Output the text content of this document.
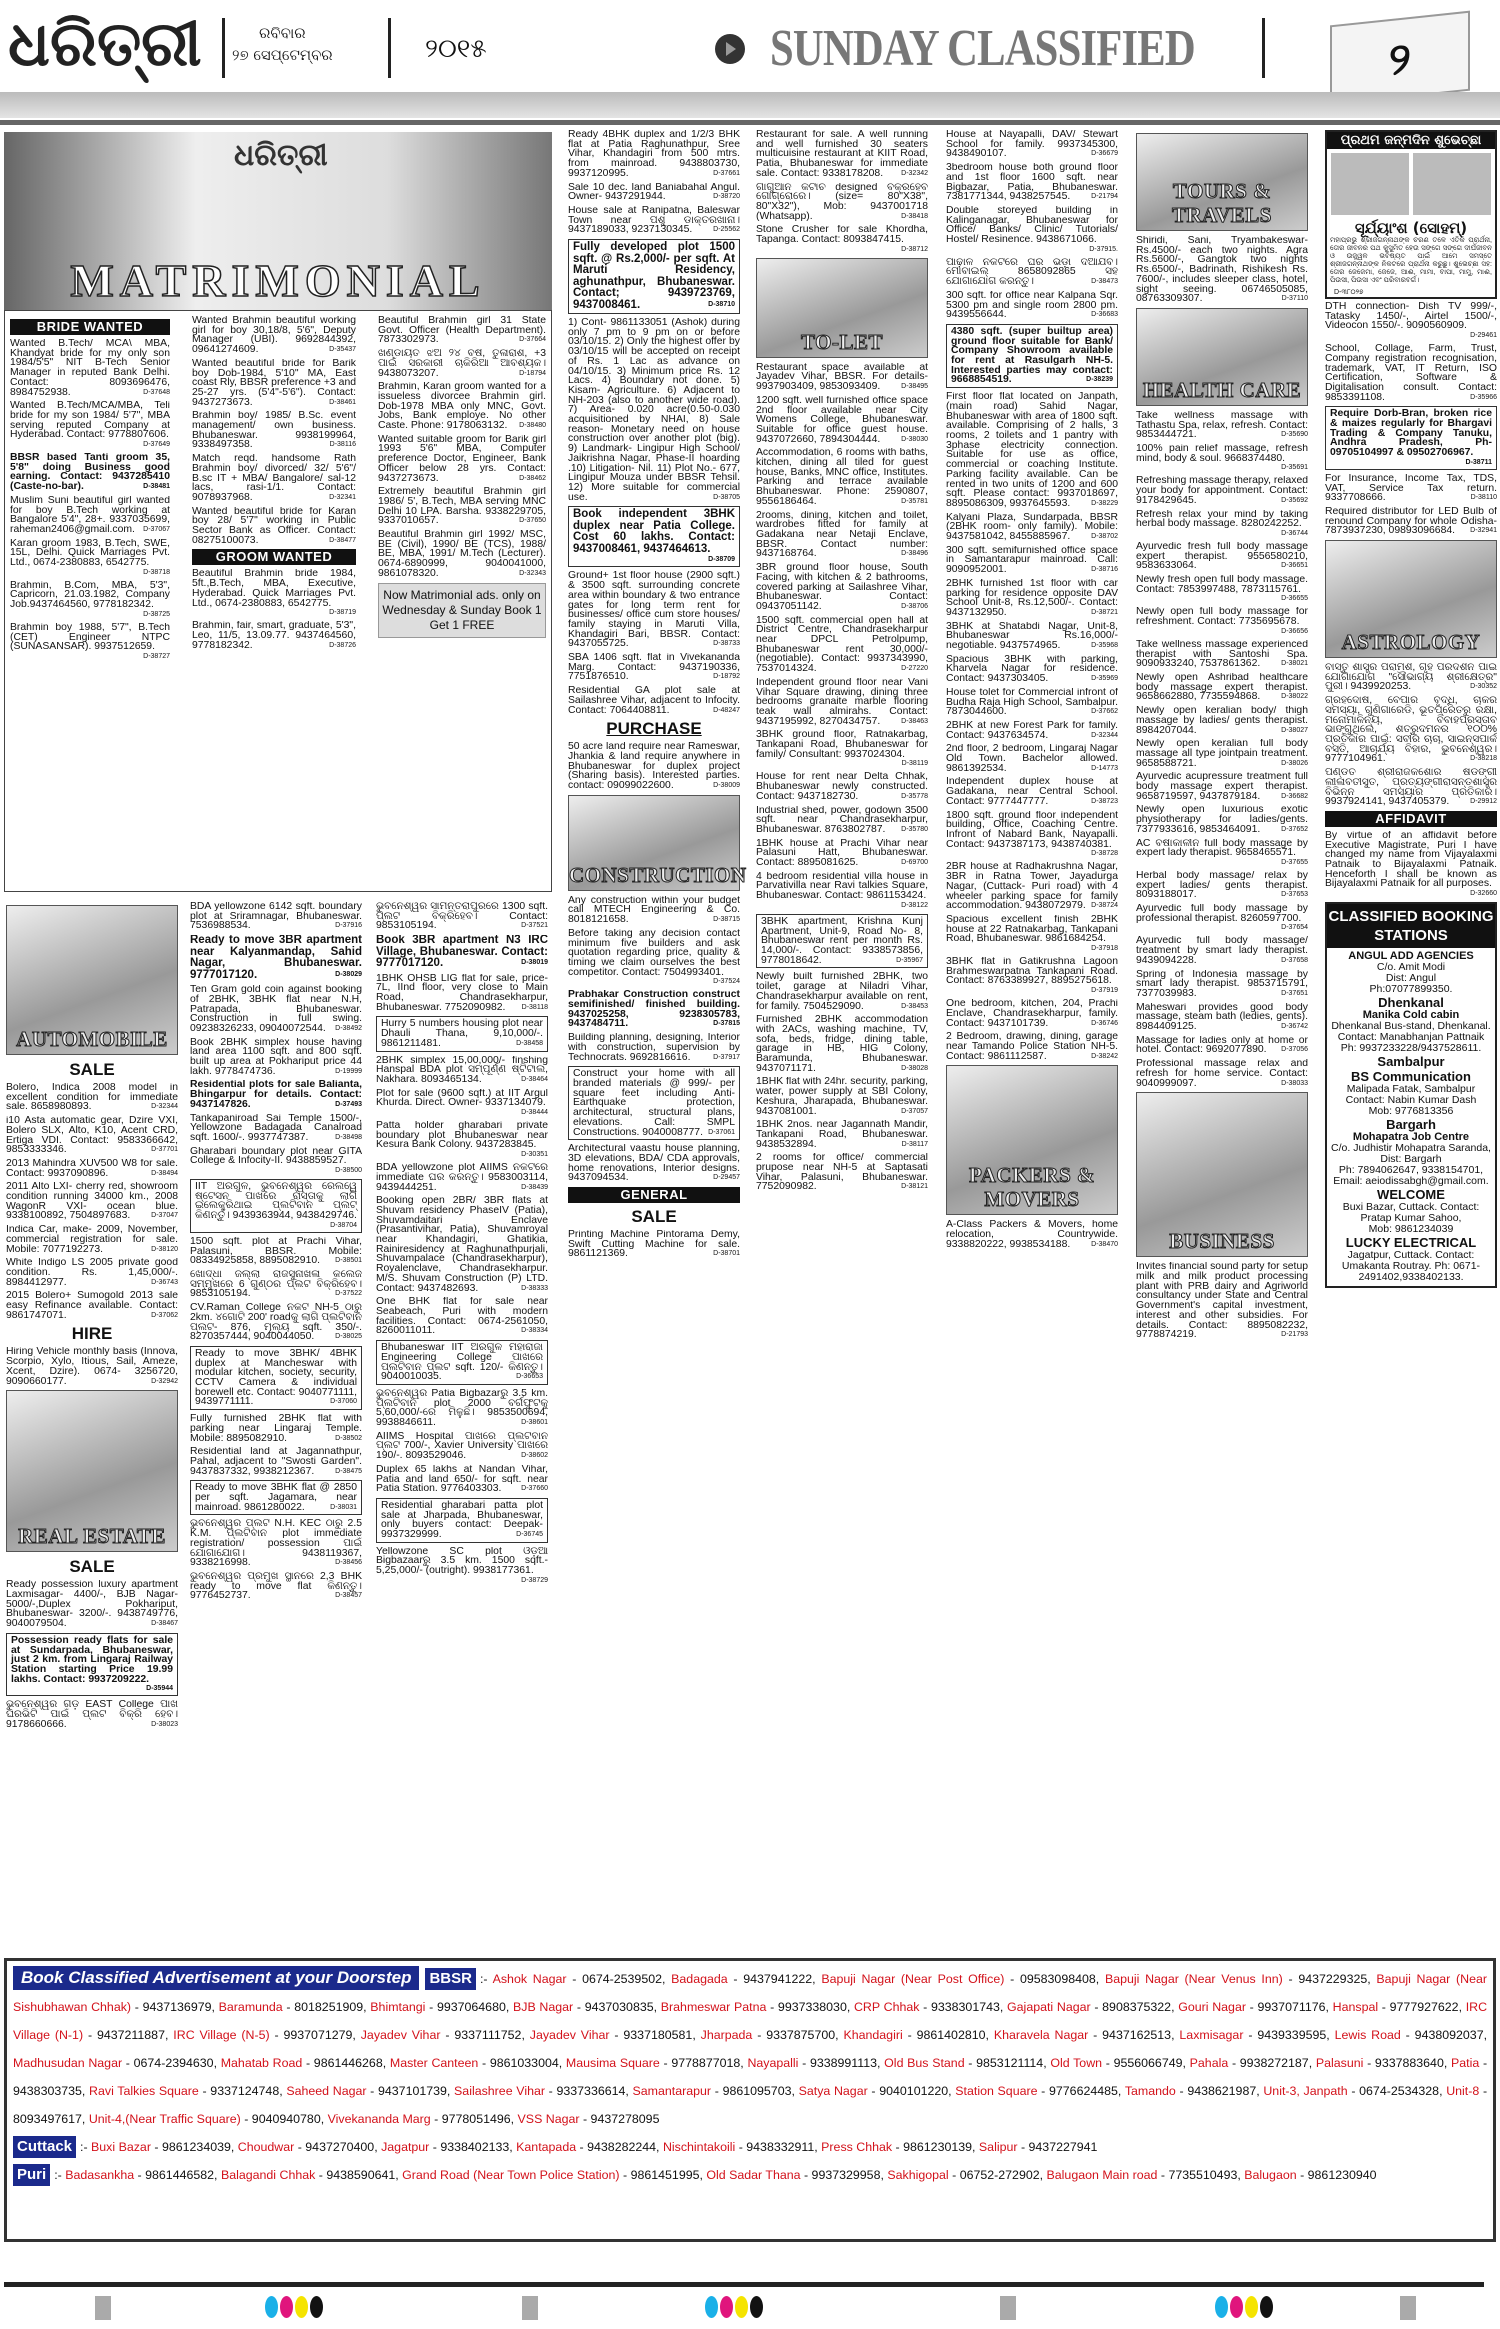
ଧରିତ୍ରୀ	ରବିବାର
୨୭ ସେପ୍ଟେମ୍ବର	୨୦୧୫	SUNDAY CLASSIFIED	୨
ଧରିତ୍ରୀ
MATRIMONIAL
BRIDE WANTED
Wanted B.Tech/ MCA\ MBA, Khandyat bride for my only son 1984/5'5" NIT B-Tech Senior Manager in reputed Bank Delhi. Contact: 8093696476, 8984752938.	D-37648
Wanted B.Tech/MCA/MBA, Teli bride for my son 1984/ 5'7", MBA serving reputed Company at Hyderabad. Contact: 9778807606.
D-37649
BBSR based Tanti groom 35, 5'8" doing Business good earning. Contact: 9437285410 (Caste-no-bar).	D-38481
Muslim Suni beautiful girl wanted for boy B.Tech working at Bangalore 5'4", 28+. 9337035699, raheman2406@gmail.com. D-37067
Karan groom 1983, B.Tech, SWE, 15L, Delhi. Quick Marriages Pvt. Ltd., 0674-2380883, 6542775.
D-38718
Brahmin, B.Com, MBA, 5'3", Capricorn, 21.03.1982, Company Job.9437464560, 9778182342.
D-38725
Brahmin boy 1988, 5'7", B.Tech (CET) Engineer NTPC (SUNASANSAR). 9937512659.
D-38727
Wanted Brahmin beautiful working girl for boy 30,18/8, 5'6", Deputy Manager (UBI). 9692844392, 09641274609.	D-35437
Wanted beautiful bride for Barik boy Dob-1984, 5'10" MA, East coast Rly, BBSR preference +3 and 25-27 yrs. (5'4"-5'6"). Contact: 9437273673.	D-38461
Brahmin boy/ 1985/ B.Sc. event management/ own business. Bhubaneswar. 9938199964, 9338497358.	D-38116
Match reqd. handsome Rath Brahmin boy/ divorced/ 32/ 5'6"/ B.sc IT + MBA/ Bangalore/ sal-12 lacs, rasi-1/1. Contact: 9078937968.	D-32341
Wanted beautiful bride for Karan boy 28/ 5'7" working in Public Sector Bank as Officer. Contact: 08275100073.	D-38477
GROOM WANTED
Beautiful Brahmin bride 1984, 5ft.,B.Tech, MBA, Executive, Hyderabad. Quick Marriages Pvt. Ltd., 0674-2380883, 6542775.
D-38719
Brahmin, fair, smart, graduate, 5'3", Leo, 11/5, 13.09.77. 9437464560, 9778182342.	D-38726
Beautiful Brahmin girl 31 State Govt. Officer (Health Department). 7873302973.	D-37664
ଖଣ୍ଡାୟତ ଝିଅ ୨୪ ବର୍ଷ, ତୁଳାରାଶି, +3 ପାଇଁ ସରକାରୀ ଚାକିରିଆ ଆବଶ୍ୟକ। 9438073207.	D-18794
Brahmin, Karan groom wanted for a issueless divorcee Brahmin girl. Dob-1978 MBA only MNC, Govt. Jobs, Bank employe. No other Caste. Phone: 9178063132. D-38480
Wanted suitable groom for Barik girl 1993 5'6" MBA, Computer preference Doctor, Engineer, Bank Officer below 28 yrs. Contact: 9437273673.	D-38462
Extremely beautiful Brahmin girl 1986/ 5', B.Tech, MBA serving MNC Delhi 10 LPA. Barsha. 9338229705, 9337010657.	D-37650
Beautiful Brahmin girl 1992/ MSC, BE (Civil), 1990/ BE (TCS), 1988/ BE, MBA, 1991/ M.Tech (Lecturer). 0674-6890999, 9040041000, 9861078320.	D-32343
Now Matrimonial ads. only on Wednesday & Sunday Book 1 Get 1 FREE
AUTOMOBILE
SALE
Bolero, Indica 2008 model in excellent condition for immediate sale. 8658980893.	D-32344
i10 Asta automatic gear, Dzire VXI, Bolero SLX, Alto, K10, Acent CRD, Ertiga VDI. Contact: 9583366642, 9853333346.	D-37701
2013 Mahindra XUV500 W8 for sale. Contact: 9937090896.	D-38494
2011 Alto LXI- cherry red, showroom condition running 34000 km., 2008 WagonR VXI- ocean blue. 9338100892, 7504897683.	D-37047
Indica Car, make- 2009, November, commercial registration for sale. Mobile: 7077192273.	D-38120
White Indigo LS 2005 private good condition. Rs. 1,45,000/-. 8984412977.	D-36743
2015 Bolero+ Sumogold 2013 sale easy Refinance available. Contact: 9861747071.	D-37062
HIRE
Hiring Vehicle monthly basis (Innova, Scorpio, Xylo, Itious, Sail, Ameze, Xcent, Dzire). 0674- 3256720, 9090660177.	D-32942
REAL ESTATE
SALE
Ready possession luxury apartment Laxmisagar- 4400/-, BJB Nagar- 5000/-,Duplex Pokhariput, Bhubaneswar- 3200/-. 9438749776, 9040079504.	D-38467
Possession ready flats for sale at Sundarpada, Bhubaneswar, just 2 km. from Lingaraj Railway Station starting Price 19.99 lakhs. Contact: 9937209222.
D-35944
ଭୁବନେଶ୍ୱର ଗଡ଼ EAST College ପାଖ ଘରଭିଟି ପାଇଁ ପ୍ଲଟ ବିକ୍ରି ହେବ। 9178660666.	D-38023
BDA yellowzone 6142 sqft. boundary plot at Sriramnagar, Bhubaneswar. 7536988534.	D-37916
Ready to move 3BR apartment near Kalyanmandap, Sahid Nagar, Bhubaneswar. 9777017120.	D-38029
Ten Gram gold coin against booking of 2BHK, 3BHK flat near N.H, Patrapada, Bhubaneswar. Construction in full swing. 09238326233, 09040072544. D-38492
Book 2BHK simplex house having land area 1100 sqft. and 800 sqft. built up area at Pokhariput price 44 lakh. 9778474736.	D-19999
Residential plots for sale Balianta, Bhingarpur for details. Contact: 9437147826.	D-37493
Tankapaniroad Sai Temple 1500/-, Yellowzone Badagada Canalroad sqft. 1600/-. 9937747387.	D-38498
Gharabari boundary plot near GITA College & Infocity-II. 9438859527.
D-38500
IIT ଅରଗୁଳ, ଭୁବନେଶ୍ୱର ରେଲୱେ ଷ୍ଟେସନ ପାଖରେ ରାସ୍ତାକୁ ଲାଗି ଇଲେକ୍ଟ୍ରିଥାଇ ପ୍ଲଟିବାନ ପ୍ଲଟ୍ କିଣନ୍ତୁ। 9439363944, 9438429746.
D-38704
1500 sqft. plot at Prachi Vihar, Palasuni, BBSR. Mobile: 08334925858, 8895082910. D-38501
ଖୋର୍ଦ୍ଧା ଜିଲ୍ଲା ରାଜସୁନାଖଳା କଲେଜ ସମ୍ମୁଖରେ 6 ଗୁଣ୍ଠର ପ୍ଲଟ ବିକ୍ରିହେବ। 9853105194.	D-37522
CV.Raman College ନିକଟ NH-5 ଠାରୁ 2km. ୪ଗୋଟି 200' roadକୁ ଲାଗି ପ୍ଲଟିବାନ ପ୍ଲଟ- 876, ମୂଲ୍ୟ sqft. 350/-. 8270357444, 9040044050.	D-38025
Ready to move 3BHK/ 4BHK duplex at Mancheswar with modular kitchen, society, security, CCTV Camera & individual borewell etc. Contact: 9040771111, 9439771111.	D-37060
Fully furnished 2BHK flat with parking near Lingaraj Temple. Mobile: 8895082910.	D-38502
Residential land at Jagannathpur, Pahal, adjacent to "Swosti Garden". 9437837332, 9938212367.	D-38475
Ready to move 3BHK flat @ 2850 per sqft. Jagamara, near mainroad. 9861280022.	D-38031
ଭୁବନେଶ୍ୱର ପ୍ଲଟ N.H. KEC ଠାରୁ 2.5 K.M. ପ୍ଲଟିବାନ plot immediate registration/ possession ପାଇଁ ଯୋଗାଯୋଗ। 9438119367, 9338216998.	D-38456
ଭୁବନେଶ୍ୱର ପ୍ରମୁଖ ସ୍ଥାନରେ 2,3 BHK ready to move flat କିଣନ୍ତୁ। 9776452737.	D-38457
ଭୁବନେଶ୍ୱର ସାମନ୍ତରାପୁରରେ 1300 sqft. ପ୍ଲଟ ବିକ୍ରିହେବ। Contact: 9853105194.	D-37521
Book 3BR apartment N3 IRC Village, Bhubaneswar. Contact: 9777017120.	D-38019
1BHK OHSB LIG flat for sale, price-7L, IInd floor, very close to Main Road, Chandrasekharpur, Bhubaneswar. 7752090982. D-38118
Hurry 5 numbers housing plot near Dhauli Thana, 9,10,000/-. 9861211481.	D-38458
2BHK simplex 15,00,000/- finshing Hanspal BDA plot ସମ୍ପୂର୍ଣ୍ଣ ଷ୍ଟିଟାଲ, Nakhara. 8093465134.	D-38464
Plot for sale (9600 sqft.) at IIT Argul Khurda. Direct. Owner- 9337134079.
D-38444
Patta holder gharabari private boundary plot Bhubaneswar near Kesura Bank Colony. 9437283845.
D-30351
BDA yellowzone plot AIIMS ନିକଟରେ immediate ଘର କରନ୍ତୁ। 9583003114, 9439444251.	D-38439
Booking open 2BR/ 3BR flats at Shuvam residency PhaseIV (Patia), Shuvamdaitari Enclave (Prasantivihar, Patia), Shuvamroyal near Khandagiri, Ghatikia, Rainiresidency at Raghunathpurjali, Shuvampalace (Chandrasekharpur), Royalenclave, Chandrasekharpur. M/S. Shuvam Construction (P) LTD. Contact: 9437482693.	D-38333
One BHK flat for sale near Seabeach, Puri with modern facilities. Contact: 0674-2561050, 8260011011.	D-38334
Bhubaneswar IIT ଅରଗୁଳ ମହାରାଜା Engineering College ପାଖରେ ପ୍ଲଟିବାନ ପ୍ଲଟ sqft. 120/- କିଣନ୍ତୁ। 9040010035.	D-36653
ଭୁବନେଶ୍ୱର Patia Bigbazarରୁ 3.5 km. ପ୍ଲଟିବାନ plot 2000 ବର୍ଗଫୁଟକୁ 5,60,000/-ରେ ମିଳୁଛି। 9853500694, 9938846611.	D-38601
AIIMS Hospital ପାଖରେ ପ୍ଲଟିବାନ ପ୍ଲଟ 700/-, Xavier University ପାଖରେ 190/-. 8093529046.	D-38602
Duplex 65 lakhs at Nandan Vihar, Patia and land 650/- for sqft. near Patia Station. 9776403303.	D-37660
Residential gharabari patta plot sale at Jharpada, Bhubaneswar, only buyers contact: Deepak- 9937329999.	D-36745
Yellowzone SC plot ଓଡ଼ିଆ Bigbazaarରୁ 3.5 km. 1500 sqft.- 5,25,000/- (outright). 9938177361.
D-38729
Ready 4BHK duplex and 1/2/3 BHK flat at Patia Raghunathpur, Sree Vihar, Khandagiri from 500 mtrs. from mainroad. 9438803730, 9937120995.	D-37661
Sale 10 dec. land Baniabahal Angul. Owner- 9437291944.	D-38720
House sale at Ranipatna, Baleswar Town near ପଶୁ ଡାକ୍ତରଖାନା। 9437189033, 9237130345.	D-25562
Fully developed plot 1500 sqft. @ Rs.2,000/- per sqft. At Maruti Residency, aghunathpur, Bhubaneswar. Contact; 9439723769, 9437008461.	D-38710
1) Cont- 9861133051 (Ashok) during only 7 pm to 9 pm on or before 03/10/15. 2) Only the highest offer by 03/10/15 will be accepted on receipt of Rs. 1 Lac as advance on 04/10/15. 3) Minimum price Rs. 12 Lacs. 4) Boundary not done. 5) Kisam- Agriculture. 6) Adjacent to NH-203 (also to another wide road). 7) Area- 0.020 acre(0.50-0.030 acquisitioned by NHAI, 8) Sale reason- Monetary need on house construction over another plot (big). 9) Landmark- Lingipur High School/ Jaikrishna Nagar, Phase-II hoarding .10) Litigation- Nil. 11) Plot No.- 677, Lingipur Mouza under BBSR Tehsil. 12) More suitable for commercial use.	D-38705
Book independent 3BHK duplex near Patia College. Cost 60 lakhs. Contact: 9437008461, 9437464613.
D-38709
Ground+ 1st floor house (2900 sqft.) & 3500 sqft. surrounding concrete area within boundary & two entrance gates for long term rent for businesses/ office cum store houses/ family staying in Maruti Villa, Khandagiri Bari, BBSR. Contact: 9437055725.	D-38733
SBA 1406 sqft. flat in Vivekananda Marg. Contact: 9437190336, 7751876510.	D-18792
Residential GA plot sale at Sailashree Vihar, adjacent to Infocity. Contact: 7064408811.	D-48247
PURCHASE
50 acre land require near Rameswar, Jhankia & land require anywhere in Bhubaneswar for duplex project (Sharing basis). Interested parties. contact: 09099022600.	D-38009
CONSTRUCTION
Any construction within your budget call MTECH Engineering & Co. 8018121658.	D-38715
Before taking any decision contact minimum five builders and ask quotation regarding price, quality & timing we claim ourselves the best competitor. Contact: 7504993401.
D-37524
Prabhakar Construction construct semifinished/ finished building. 9437025258, 9238305783, 9437484711.	D-37815
Building planning, designing, Interior with construction, supervision by Technocrats. 9692816616.	D-37917
Construct your home with all branded materials @ 999/- per square feet including Anti-Earthquake protection, architectural, structural plans, elevations. Call: SMPL Constructions. 9040008777. D-37061
Architectural vaastu house planning, 3D elevations, BDA/ CDA approvals, home renovations, Interior designs. 9437094534.	D-29457
GENERAL
SALE
Printing Machine Pintorama Demy, Swift Cutting Machine for sale. 9861121369.	D-38701
Restaurant for sale. A well running and well furnished 30 seaters multicuisine restaurant at KIIT Road, Patia, Bhubaneswar for immediate sale. Contact: 9338178208.	D-32342
ଗାଗୁଆନ କଟାଚ designed ବିକ୍ରିହେବ ଗୋଗ୍ରୋରେ। (size= 80"X38", 80"X32"), Mob: 9437001718 (Whatsapp).	D-38418
Stone Crusher for sale Khordha, Tapanga. Contact: 8093847415.
D-38712
TO-LET
Restaurant space available at Jayadev Vihar, BBSR. For details- 9937903409, 9853093409.	D-38495
1200 sqft. well furnished office space 2nd floor available near City Womens College, Bhubaneswar. Suitable for office guest house. 9437072660, 7894304444.	D-38030
Accommodation, 6 rooms with baths, kitchen, dining all tiled for guest house, Banks, MNC office, Institutes. Parking and terrace available Bhubaneswar. Phone: 2590807, 9556186464.	D-35781
2rooms, dining, kitchen and toilet, wardrobes fitted for family at Gadakana near Netaji Enclave, BBSR. Contact number: 9437168764.	D-38496
3BR ground floor house, South Facing, with kitchen & 2 bathrooms, covered parking at Sailashree Vihar, Bhubaneswar. Contact: 09437051142.	D-38706
1500 sqft. commercial open hall at District Centre, Chandrasekharpur near DPCL Petrolpump, Bhubaneswar rent 30,000/- (negotiable). Contact: 9937343990, 7537014324.	D-27220
Independent ground floor near Vani Vihar Square drawing, dining three bedrooms granaite marble flooring teak wall almirahs. Contact: 9437195992, 8270434757.	D-38463
3BHK ground floor, Ratnakarbag, Tankapani Road, Bhubaneswar for family/ Consultant: 9937024304.
D-38119
House for rent near Delta Chhak, Bhubaneswar newly constructed. Contact: 9437182730.	D-35778
Industrial shed, power, godown 3500 sqft. near Chandrasekharpur, Bhubaneswar. 8763802787. D-35780
1BHK house at Prachi Vihar near Palasuni Hatt, Bhubaneswar. Contact: 8895081625.	D-69700
4 bedroom residential villa house in Parvativilla near Ravi talkies Square, Bhubaneswar. Contact: 9861153424.
D-38122
3BHK apartment, Krishna Kunj Apartment, Unit-9, Road No- 8, Bhubaneswar rent per month Rs. 14,000/-. Contact: 9338573856, 9778018642.	D-35967
Newly built furnished 2BHK, two toilet, garage at Niladri Vihar, Chandrasekharpur available on rent, for family. 7504529090.	D-38453
Furnished 2BHK accommodation with 2ACs, washing machine, TV, sofa, beds, fridge, dining table, garage in HB, HIG Colony, Baramunda, Bhubaneswar. 9437071171.	D-38028
1BHK flat with 24hr. security, parking, water, power supply at SBI Colony, Keshura, Jharapada, Bhubaneswar. 9437081001.	D-37057
1BHK 2nos. near Jagannath Mandir, Tankapani Road, Bhubaneswar. 9438532894.	D-38117
2 rooms for office/ commercial prupose near NH-5 at Saptasati Vihar, Palasuni, Bhubaneswar. 7752090982.	D-38121
House at Nayapalli, DAV/ Stewart School for family. 9937345300, 9438490107.	D-36679
3bedroom house both ground floor and 1st floor 1600 sqft. near Bigbazar, Patia, Bhubaneswar. 7381771344, 9438257545.	D-21794
Double storeyed building in Kalinganagar, Bhubaneswar for Office/ Banks/ Clinic/ Tutorials/ Hostel/ Resinence. 9438671066.
D-37915.
ପାଢ଼ାଳ ନିକଟରେ ଘର ଭଡ଼ା ଦିଆଯିବ। ମୋବାଇଲ୍ 8658092865 ସହ ଯୋଗାଯୋଗ କରନ୍ତୁ।	D-38473
300 sqft. for office near Kalpana Sqr. 5300 pm and single room 2800 pm. 9439556644.	D-36683
4380 sqft. (super builtup area) ground floor suitable for Bank/ Company Showroom available for rent at Rasulgarh NH-5. Interested parties may contact: 9668854519.	D-38239
First floor flat located on Janpath, (main road) Sahid Nagar, Bhubaneswar with area of 1800 sqft. available. Comprising of 2 halls, 3 rooms, 2 toilets and 1 pantry with 3phase electricity connection. Suitable for use as office, commercial or coaching Institute. Parking facility available. Can be rented in two units of 1200 and 600 sqft. Please contact: 9937018697, 8895086309, 9937645593.	D-38229
Kalyani Plaza, Sundarpada, BBSR (2BHK room- only family). Mobile: 9437581042, 8455885967.	D-38702
300 sqft. semifurnished office space in Samantarapur mainroad. Call: 9090952001.	D-38716
2BHK furnished 1st floor with car parking for residence opposite DAV School Unit-8, Rs.12,500/-. Contact: 9437132950.	D-38721
3BHK at Shatabdi Nagar, Unit-8, Bhubaneswar Rs.16,000/- negotiable. 9437574965.	D-35968
Spacious 3BHK with parking, Kharvela Nagar for residence. Contact: 9437303405.	D-35969
House tolet for Commercial infront of Budha Raja High School, Sambalpur. 7873044600.	D-37662
2BHK at new Forest Park for family. Contact: 9437634574.	D-32344
2nd floor, 2 bedroom, Lingaraj Nagar Old Town. Bachelor allowed. 9861392534.	D-14773
Independent duplex house at Gadakana, near Central School. Contact: 9777447777.	D-38723
1800 sqft. ground floor independent building, Office, Coaching Centre. Infront of Nabard Bank, Nayapalli. Contact: 9437387173, 9438740381.
D-38728
2BR house at Radhakrushna Nagar, 3BR in Ratna Tower, Jayadurga Nagar, (Cuttack- Puri road) with 4 wheeler parking space for family accommodation. 9438072979. D-38724
Spacious excellent finish 2BHK house at 22 Ratnakarbag, Tankapani Road, Bhubaneswar. 9861684254.
D-37918
3BHK flat in Gatikrushna Lagoon Brahmeswarpatna Tankapani Road. Contact: 8763389927, 8895275618.
D-37919
One bedroom, kitchen, 204, Prachi Enclave, Chandrasekharpur, family. Contact: 9437101739.	D-36746
2 Bedroom, drawing, dining, garage near Tamando Police Station NH-5. Contact: 9861112587.	D-38242
PACKERS & MOVERS
A-Class Packers & Movers, home relocation, Countrywide. 9338820222, 9938534188.	D-38470
TOURS & TRAVELS
Shiridi, Sani, Tryambakeswar- Rs.4500/- each two nights. Agra Rs.5600/-, Gangtok two nights Rs.6500/-, Badrinath, Rishikesh Rs. 7600/-, includes sleeper class, hotel, sight seeing. 06746505085, 08763309307.	D-37110
HEALTH CARE
Take wellness massage with Tathastu Spa, relax, refresh. Contact: 9853444721.	D-35690
100% pain relief massage, refresh mind, body & soul. 9668374480.
D-35691
Refreshing massage therapy, relaxed your body for appointment. Contact: 9178429645.	D-35692
Refresh relax your mind by taking herbal body massage. 8280242252.
D-36744
Ayurvedic fresh full body massage expert therapist. 9556580210, 9583633064.	D-36651
Newly fresh open full body massage. Contact: 7853997488, 7873115761.
D-36655
Newly open full body massage for refreshment. Contact: 7735695678.
D-36656
Take wellness massage experienced therapist with Santoshi Spa. 9090933240, 7537861362.	D-38021
Newly open Ashribad healthcare body massage expert therapist. 9658662880, 7735594868.	D-38022
Newly open keralian body/ thigh massage by ladies/ gents therapist. 8984207044.	D-38027
Newly open keralian full body massage all type jointpain treatment. 9658588721.	D-38026
Ayurvedic acupressure treatment full body massage expert therapist. 9658719597, 9437879184.	D-36682
Newly open luxurious exotic physiotherapy for ladies/gents. 7377933616, 9853464091.	D-37652
AC ବର୍ଷାକାଳୀନ full body massage by expert lady therapist. 9658465571.
D-37655
Herbal body massage/ relax by expert ladies/ gents therapist. 8093188017.	D-37653
Ayurvedic full body massage by professional therapist. 8260597700.
D-37654
Ayurvedic full body massage/ treatment by smart lady therapist. 9439094228.	D-37658
Spring of Indonesia massage by smart lady therapist. 9853715791, 7377039983.	D-37651
Maheswari provides good body massage, steam bath (ledies, gents). 8984409125.	D-36742
Massage for ladies only at home or hotel. Contact: 9692077890. D-37056
Professional massage relax and refresh for home service. Contact: 9040999097.	D-38033
BUSINESS
Invites financial sound party for setup milk and milk product processing plant with PRB dairy and Agriworld consultancy under State and Central Government's capital investment, interest and other subsidies. For details. Contact: 8895082232, 9778874219.	D-21793
ପ୍ରଥମ ଜନ୍ମଦିନ ଶୁଭେଚ୍ଛା
ସୂର୍ଯ୍ୟାଂଶ (ସୋହମ୍)
ମହାପ୍ରଭୁ ଶ୍ରୀଜଗନ୍ନାଥଙ୍କ ଚରଣ ତଳେ ଏତିକି ପ୍ରାର୍ଥନା, ତୋର ଜୀବନର ପଥ କୁସୁମିତ ହେଉ ସଙ୍ଗେ ସଙ୍ଗେ ଦୀର୍ଘଜୀବନ ଓ ଉଜ୍ଜ୍ୱଳ ଭବିଷ୍ୟତ ପାଇଁ ଆମେ ସମସ୍ତେ ଶ୍ରୀଜଗନ୍ନାଥଙ୍କ ନିକଟରେ ପ୍ରାର୍ଥନା କରୁଛୁ। ଶୁଭେଚ୍ଛା ସହ: ତୋର ଜେଜେମା, ଜେଜେ, ଆଈ, ମାମା, ବାପା, ମାମୁ, ମାଈ, ପିଉସୀ, ପିଉସା ଏବଂ ପରିବାରବର୍ଗ।
D-୩୮୦୨୭
DTH connection- Dish TV 999/-, Tatasky 1450/-, Airtel 1500/-, Videocon 1550/-. 9090560909.
D-29461
School, Collage, Farm, Trust, Company registration recognisation, trademark, VAT, IT Return, ISO Certification, Software & Digitalisation consult. Contact: 9853391108.	D-35966
Require Dorb-Bran, broken rice & maizes regularly for Bhargavi Trading & Company Tanuku, Andhra Pradesh, Ph-09705104997 & 09502706967.
D-38711
For Insurance, Income Tax, TDS, VAT, Service Tax return. 9337708666.	D-38110
Required distributor for LED Bulb of renound Company for whole Odisha- 7873937230, 09893096684. D-32941
ASTROLOGY
ବାସ୍ତୁ ଶାସ୍ତ୍ର ପରାମର୍ଶ, ଗୃହ ପରିଦର୍ଶନ ପାଇଁ ଯୋଗାଯୋଗ "ସୌଭାଗ୍ୟ ଶ୍ରୀକ୍ଷେତ୍ର" ପୁରୀ। 9439920253.	D-30352
ଗ୍ରହଦୋଷ, ବେପାର ବୃଦ୍ଧି, ଚାକିରି ସମସ୍ୟା, ଗୁଣିଗାରେଡି, ଭୂତପ୍ରେତରୁ ରକ୍ଷା, ମନୋମାଳିନ୍ୟ, ବିବାହପ୍ରସ୍ତାବ ଭାଙ୍ଗୁଥିଲେ, ଶତ୍ରୁଦମନର ୧୦୦% ପ୍ରତିକାର ପାଇଁ: ସବୀର ଚାଚା, ସାଇନ୍ସପାର୍କ ବସ୍ତି, ଆଚାର୍ଯ୍ୟ ବିହାର, ଭୁବନେଶ୍ୱର। 9777104961.	D-38218
ପଣ୍ଡିତ ଶ୍ରୀରାଜକିଶୋର ଷଡଙ୍ଗୀ ଲୀଳାବତୀସୁତ, ପ୍ରତ୍ୟଙ୍ଗୀରାସନ୍ତଶାସ୍ତ୍ର ବିଭିନ୍ନ ସମସ୍ୟାର ପ୍ରତିକାର। 9937924141, 9437405379.	D-29912
AFFIDAVIT
By virtue of an affidavit before Executive Magistrate, Puri I have changed my name from Vijayalaxmi Patnaik to Bijayalaxmi Patnaik. Henceforth I shall be known as Bijayalaxmi Patnaik for all purposes.
D-32660
CLASSIFIED BOOKING STATIONS
ANGUL ADD AGENCIES
C/o. Amit Modi
Dist: Angul
Ph:07077899350.
Dhenkanal
Manika Cold cabin
Dhenkanal Bus-stand, Dhenkanal.
Contact: Manabhanjan Pattnaik
Ph: 9937233228/9437528611.
Sambalpur
BS Communication
Malipada Fatak, Sambalpur
Contact: Nabin Kumar Dash
Mob: 9776813356
Bargarh
Mohapatra Job Centre
C/o. Judhistir Mohapatra Saranda, Dist: Bargarh
Ph: 7894062647, 9338154701, Email: aeiodissabgh@gmail.com.
WELCOME
Buxi Bazar, Cuttack. Contact: Pratap Kumar Sahoo,
Mob: 9861234039
LUCKY ELECTRICAL
Jagatpur, Cuttack. Contact: Umakanta Routray. Ph: 0671-2491402,9338402133.
Book Classified Advertisement at your Doorstep BBSR :- Ashok Nagar - 0674-2539502, Badagada - 9437941222, Bapuji Nagar (Near Post Office) - 09583098408, Bapuji Nagar (Near Venus Inn) - 9437229325, Bapuji Nagar (Near Sishubhawan Chhak) - 9437136979, Baramunda - 8018251909, Bhimtangi - 9937064680, BJB Nagar - 9437030835, Brahmeswar Patna - 9937338030, CRP Chhak - 9338301743, Gajapati Nagar - 8908375322, Gouri Nagar - 9937071176, Hanspal - 9777927622, IRC Village (N-1) - 9437211887, IRC Village (N-5) - 9937071279, Jayadev Vihar - 9337111752, Jayadev Vihar - 9337180581, Jharpada - 9337875700, Khandagiri - 9861402810, Kharavela Nagar - 9437162513, Laxmisagar - 9439339595, Lewis Road - 9438092037, Madhusudan Nagar - 0674-2394630, Mahatab Road - 9861446268, Master Canteen - 9861033004, Mausima Square - 9778877018, Nayapalli - 9338991113, Old Bus Stand - 9853121114, Old Town - 9556066749, Pahala - 9938272187, Palasuni - 9337883640, Patia - 9438303735, Ravi Talkies Square - 9337124748, Saheed Nagar - 9437101739, Sailashree Vihar - 9337336614, Samantarapur - 9861095703, Satya Nagar - 9040101220, Station Square - 9776624485, Tamando - 9438621987, Unit-3, Janpath - 0674-2534328, Unit-8 - 8093497617, Unit-4,(Near Traffic Square) - 9040940780, Vivekananda Marg - 9778051496, VSS Nagar - 9437278095
Cuttack :- Buxi Bazar - 9861234039, Choudwar - 9437270400, Jagatpur - 9338402133, Kantapada - 9438282244, Nischintakoili - 9438332911, Press Chhak - 9861230139, Salipur - 9437227941
Puri :- Badasankha - 9861446582, Balagandi Chhak - 9438590641, Grand Road (Near Town Police Station) - 9861451995, Old Sadar Thana - 9937329958, Sakhigopal - 06752-272902, Balugaon Main road - 7735510493, Balugaon - 9861230940
